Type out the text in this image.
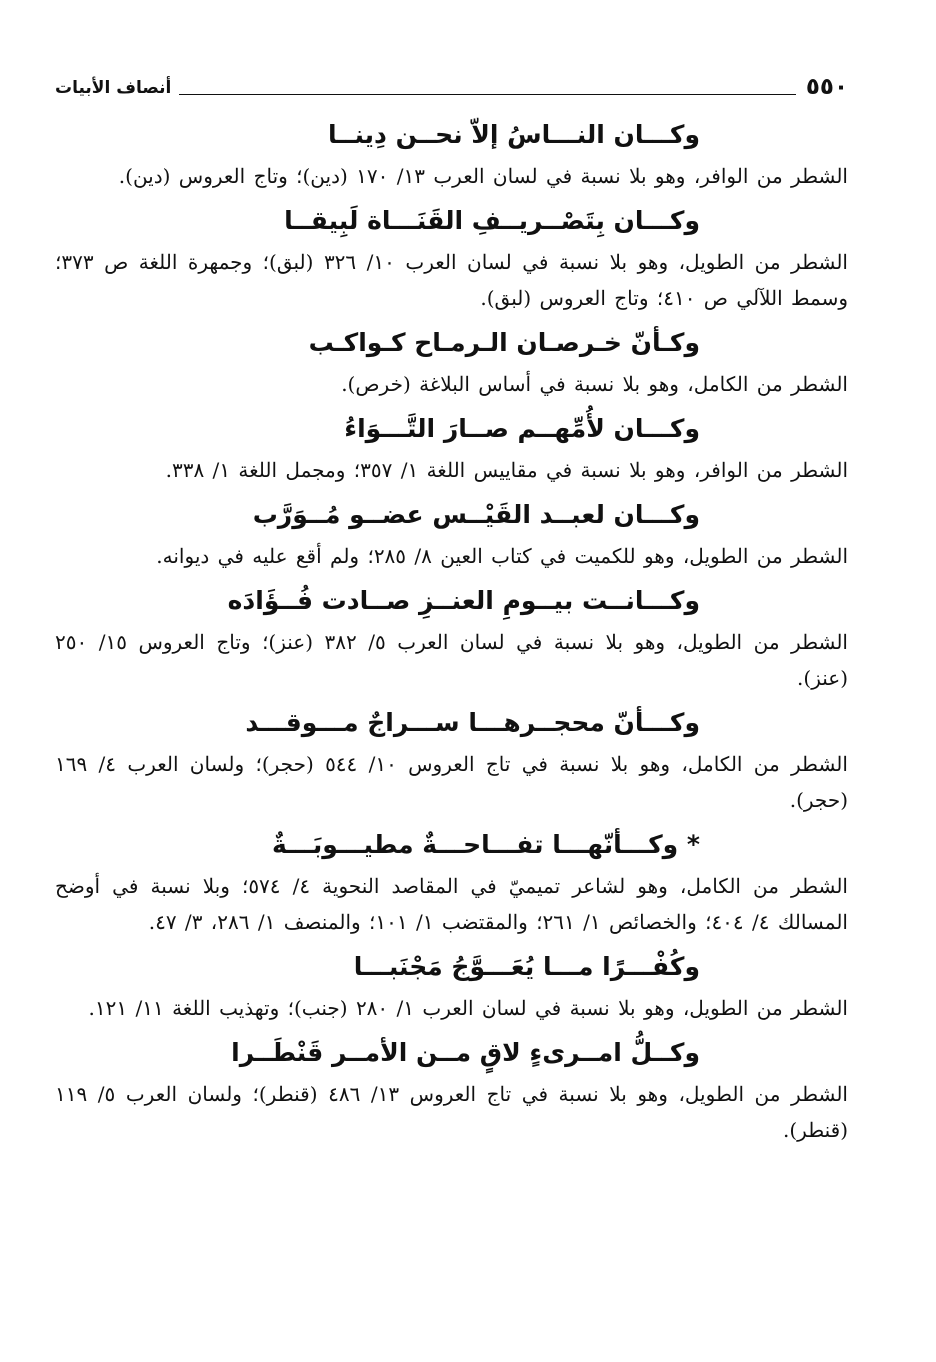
٥٥٠
أنصاف الأبيات

وكـــان النـــاسُ إلاّ نحــن دِينــا

الشطر من الوافر، وهو بلا نسبة في لسان العرب ١٣/ ١٧٠ (دين)؛ وتاج العروس (دين).

وكـــان بِتَصْــريــفِ القَنَـــاة لَبِيقــا

الشطر من الطويل، وهو بلا نسبة في لسان العرب ١٠/ ٣٢٦ (لبق)؛ وجمهرة اللغة ص ٣٧٣؛ وسمط اللآلي ص ٤١٠؛ وتاج العروس (لبق).

وكـأنّ خـرصـان الـرمـاح كـواكـب

الشطر من الكامل، وهو بلا نسبة في أساس البلاغة (خرص).

وكـــان لأُمِّهــم صــارَ التَّـــوَاءُ

الشطر من الوافر، وهو بلا نسبة في مقاييس اللغة ١/ ٣٥٧؛ ومجمل اللغة ١/ ٣٣٨.

وكـــان لعبــد القَيْــس عضــو مُــوَرَّب

الشطر من الطويل، وهو للكميت في كتاب العين ٨/ ٢٨٥؛ ولم أقع عليه في ديوانه.

وكـــانــت بيــومِ العنــزِ صــادت فُــؤَادَه

الشطر من الطويل، وهو بلا نسبة في لسان العرب ٥/ ٣٨٢ (عنز)؛ وتاج العروس ١٥/ ٢٥٠ (عنز).

وكـــأنّ محجــرهـــا ســـراجٌ مـــوقـــد

الشطر من الكامل، وهو بلا نسبة في تاج العروس ١٠/ ٥٤٤ (حجر)؛ ولسان العرب ٤/ ١٦٩ (حجر).

* وكـــأنّهـــا تفـــاحـــةٌ مطيـــوبَـــةٌ

الشطر من الكامل، وهو لشاعر تميميّ في المقاصد النحوية ٤/ ٥٧٤؛ وبلا نسبة في أوضح المسالك ٤/ ٤٠٤؛ والخصائص ١/ ٢٦١؛ والمقتضب ١/ ١٠١؛ والمنصف ١/ ٢٨٦، ٣/ ٤٧.

وكُفْـــرًا مـــا يُعَـــوَّجُ مَجْنَبـــا

الشطر من الطويل، وهو بلا نسبة في لسان العرب ١/ ٢٨٠ (جنب)؛ وتهذيب اللغة ١١/ ١٢١.

وكــلُّ امــرىءٍ لاقٍ مــن الأمــر قَنْطَــرا

الشطر من الطويل، وهو بلا نسبة في تاج العروس ١٣/ ٤٨٦ (قنطر)؛ ولسان العرب ٥/ ١١٩ (قنطر).
